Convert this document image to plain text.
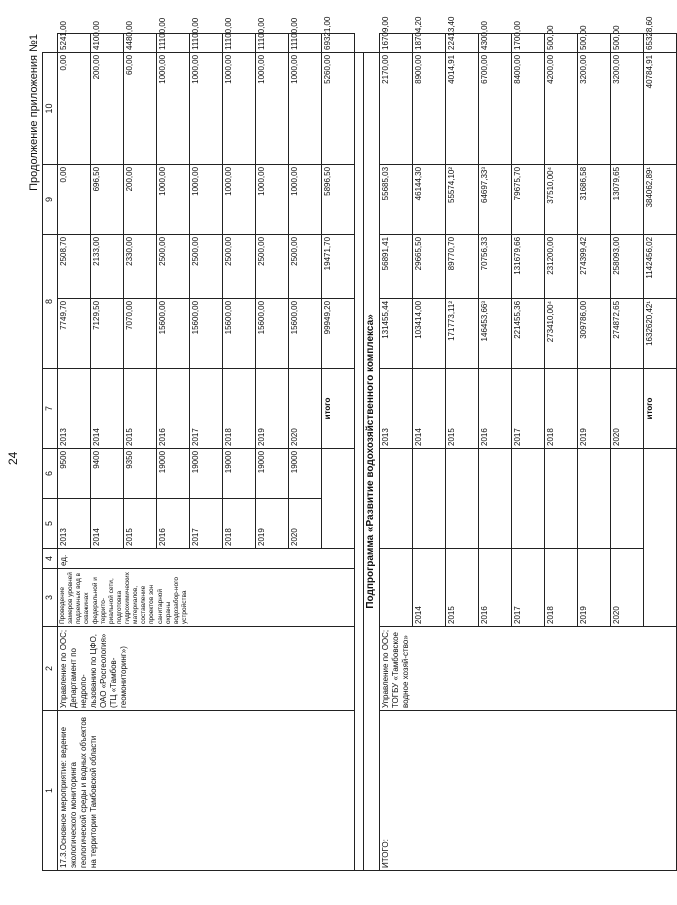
24
Продолжение приложения №1
1	2	3	4	5	6	7	8		9	10	
17.3.Основное мероприятие: ведение экологического мониторинга геологической среды и водных объектов на территории Тамбовской области	Управление по ООС; Департамент по недропо-
льзованию по ЦФО, ОАО «Росгеология» (ТЦ «Тамбов-
геомониторинг»)	Проведение замеров уровней подземных вод в скважинах федеральной и террито-риальной сети, подготовка гидрохимических материалов, составление проектов зон санитарной охраны водозабор-ного устройства	ед.	2013	9500	2013	7749,70	2508,70	0,00	0,00	5241,00
				2014	9400	2014	7129,50	2133,00	696,50	200,00	4100,00
				2015	9350	2015	7070,00	2330,00	200,00	60,00	4480,00
				2016	19000	2016	15600,00	2500,00	1000,00	1000,00	11100,00
				2017	19000	2017	15600,00	2500,00	1000,00	1000,00	11100,00
				2018	19000	2018	15600,00	2500,00	1000,00	1000,00	11100,00
				2019	19000	2019	15600,00	2500,00	1000,00	1000,00	11100,00
				2020	19000	2020	15600,00	2500,00	1000,00	1000,00	11100,00
						итого	99949,20	19471,70	5896,50	5260,00	69321,00

Подпрограмма «Развитие водохозяйственного комплекса»											
ИТОГО:	Управление по ООС; ТОГБУ «Тамбовское водное хозяй-ство»					2013	131455,44	56891,41	55685,03	2170,00	16709,00
		2014				2014	103414,00	29665,50	46144,30	8900,00	18704,20
		2015				2015	171773,11²	89770,70	55574,10²	4014,91	22413,40
		2016				2016	146453,66³	70756,33	64697,33³	6700,00	4300,00
		2017				2017	221455,36	131679,66	79675,70	8400,00	1700,00
		2018				2018	273410,00⁴	231200,00	37510,00⁴	4200,00	500,00
		2019				2019	309786,00	274399,42	31686,58	3200,00	500,00
		2020				2020	274872,65	258093,00	13079,65	3200,00	500,00
						итого	1632620,42¹	1142456,02	384062,89¹	40784,91	65328,60
